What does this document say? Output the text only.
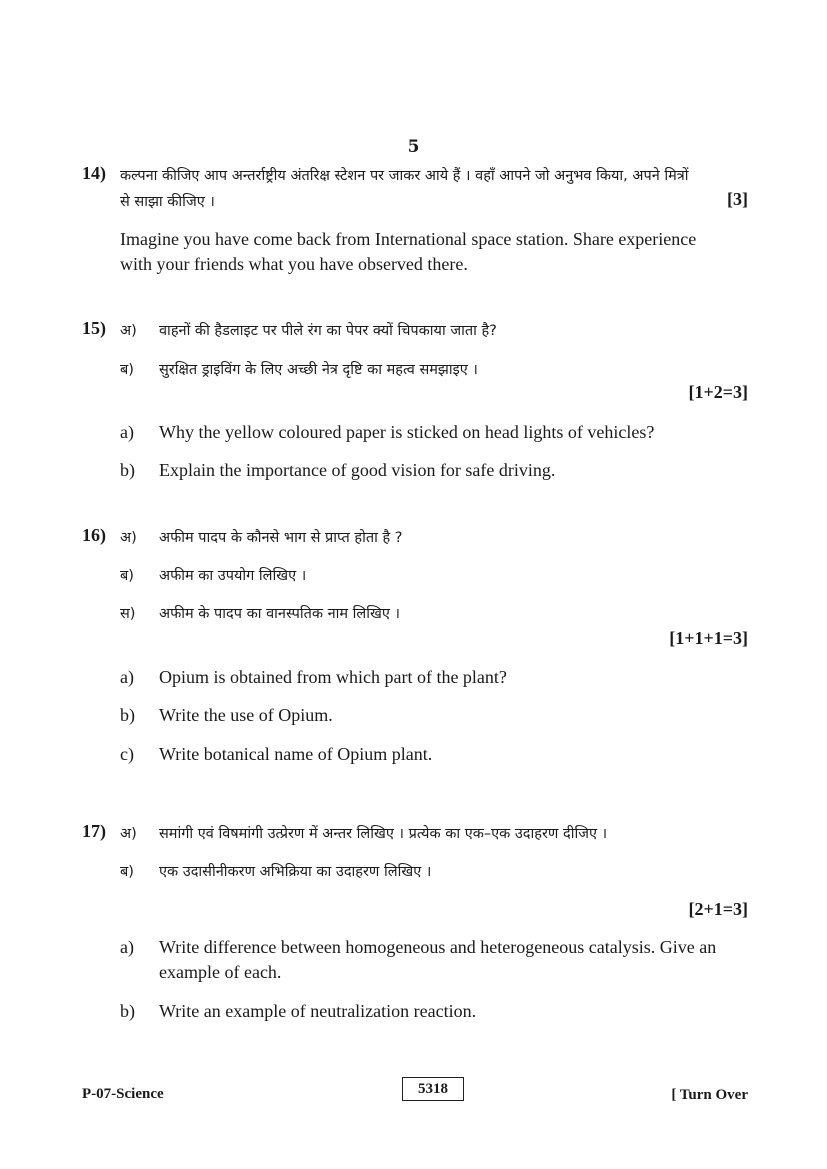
5
14) कल्पना कीजिए आप अन्तर्राष्ट्रीय अंतरिक्ष स्टेशन पर जाकर आये हैं । वहाँ आपने जो अनुभव किया, अपने मित्रों
से साझा कीजिए ।	[3]
Imagine you have come back from International space station. Share experience
with your friends what you have observed there.
15) अ)	वाहनों की हैडलाइट पर पीले रंग का पेपर क्यों चिपकाया जाता है?
ब)	सुरक्षित ड्राइविंग के लिए अच्छी नेत्र दृष्टि का महत्व समझाइए ।
[1+2=3]
a)	Why the yellow coloured paper is sticked on head lights of vehicles?
b)	Explain the importance of good vision for safe driving.
16) अ)	अफीम पादप के कौनसे भाग से प्राप्त होता है ?
ब)	अफीम का उपयोग लिखिए ।
स)	अफीम के पादप का वानस्पतिक नाम लिखिए ।
[1+1+1=3]
a)	Opium is obtained from which part of the plant?
b)	Write the use of Opium.
c)	Write botanical name of Opium plant.
17) अ)	समांगी एवं विषमांगी उत्प्रेरण में अन्तर लिखिए । प्रत्येक का एक–एक उदाहरण दीजिए ।
ब)	एक उदासीनीकरण अभिक्रिया का उदाहरण लिखिए ।
[2+1=3]
a)	Write difference between homogeneous and heterogeneous catalysis. Give an
example of each.
b)	Write an example of neutralization reaction.
P-07-Science	5318	[ Turn Over
